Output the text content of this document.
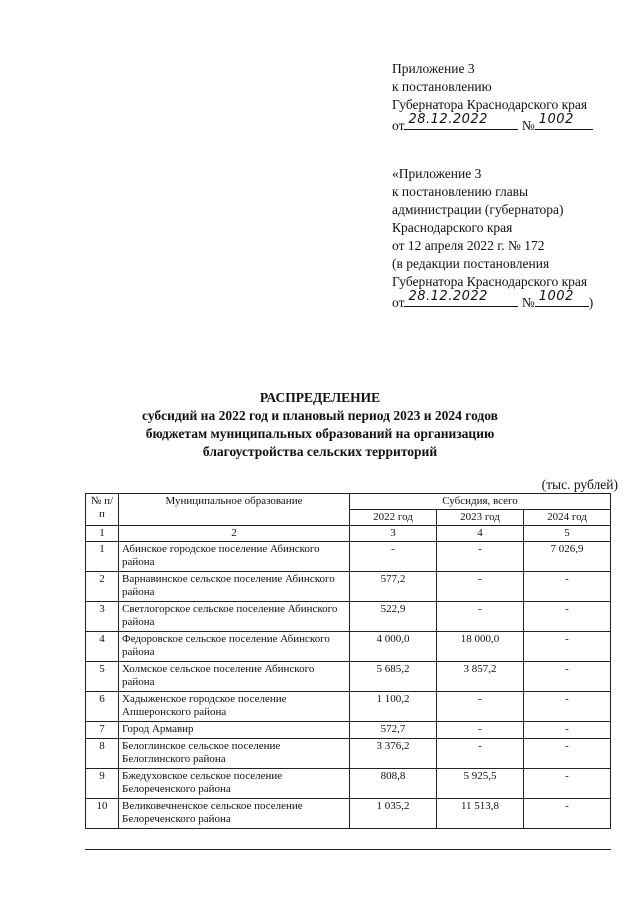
Приложение 3
к постановлению
Губернатора Краснодарского края
от 28.12.2022	№ 1002
«Приложение 3
к постановлению главы
администрации (губернатора)
Краснодарского края
от 12 апреля 2022 г. № 172
(в редакции постановления
Губернатора Краснодарского края
от 28.12.2022	№ 1002 )
РАСПРЕДЕЛЕНИЕ
субсидий на 2022 год и плановый период 2023 и 2024 годов
бюджетам муниципальных образований на организацию
благоустройства сельских территорий
(тыс. рублей)
№ п/п	Муниципальное образование	Субсидия, всего		
		2022 год	2023 год	2024 год
1	2	3	4	5
1	Абинское городское поселение Абинского района	-	-	7 026,9
2	Варнавинское сельское поселение Абинского района	577,2	-	-
3	Светлогорское сельское поселение Абинского района	522,9	-	-
4	Федоровское сельское поселение Абинского района	4 000,0	18 000,0	-
5	Холмское сельское поселение Абинского района	5 685,2	3 857,2	-
6	Хадыженское городское поселение Апшеронского района	1 100,2	-	-
7	Город Армавир	572,7	-	-
8	Белоглинское сельское поселение Белоглинского района	3 376,2	-	-
9	Бжедуховское сельское поселение Белореченского района	808,8	5 925,5	-
10	Великовечненское сельское поселение Белореченского района	1 035,2	11 513,8	-
